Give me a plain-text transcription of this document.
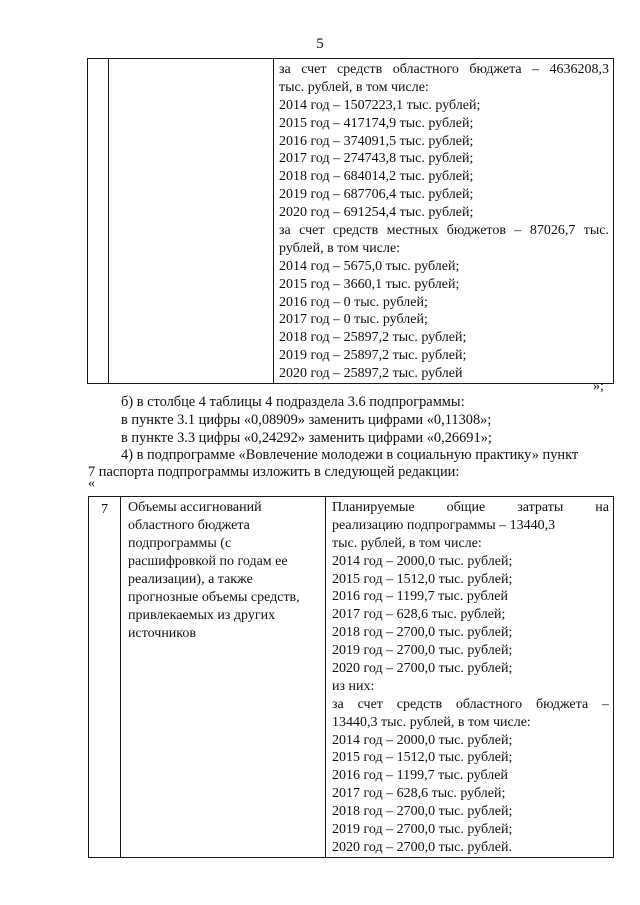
5

за счет средств областного бюджета – 4636208,3
тыс. рублей, в том числе:
2014 год – 1507223,1 тыс. рублей;
2015 год – 417174,9 тыс. рублей;
2016 год – 374091,5 тыс. рублей;
2017 год – 274743,8 тыс. рублей;
2018 год – 684014,2 тыс. рублей;
2019 год – 687706,4 тыс. рублей;
2020 год – 691254,4 тыс. рублей;
за счет средств местных бюджетов – 87026,7 тыс.
рублей, в том числе:
2014 год – 5675,0 тыс. рублей;
2015 год – 3660,1 тыс. рублей;
2016 год – 0 тыс. рублей;
2017 год – 0 тыс. рублей;
2018 год – 25897,2 тыс. рублей;
2019 год – 25897,2 тыс. рублей;
2020 год – 25897,2 тыс. рублей
»;
б) в столбце 4 таблицы 4 подраздела 3.6 подпрограммы:
в пункте 3.1 цифры «0,08909» заменить цифрами «0,11308»;
в пункте 3.3 цифры «0,24292» заменить цифрами «0,26691»;
4) в подпрограмме «Вовлечение молодежи в социальную практику» пункт
7 паспорта подпрограммы изложить в следующей редакции:
«
7	Объемы ассигнований областного бюджета подпрограммы (с расшифровкой по годам ее реализации), а также прогнозные объемы средств, привлекаемых из других источников

Планируемые общие затраты на
реализацию подпрограммы – 13440,3
тыс. рублей, в том числе:
2014 год – 2000,0 тыс. рублей;
2015 год – 1512,0 тыс. рублей;
2016 год – 1199,7 тыс. рублей
2017 год – 628,6 тыс. рублей;
2018 год – 2700,0 тыс. рублей;
2019 год – 2700,0 тыс. рублей;
2020 год – 2700,0 тыс. рублей;
из них:
за счет средств областного бюджета –
13440,3 тыс. рублей, в том числе:
2014 год – 2000,0 тыс. рублей;
2015 год – 1512,0 тыс. рублей;
2016 год – 1199,7 тыс. рублей
2017 год – 628,6 тыс. рублей;
2018 год – 2700,0 тыс. рублей;
2019 год – 2700,0 тыс. рублей;
2020 год – 2700,0 тыс. рублей.
